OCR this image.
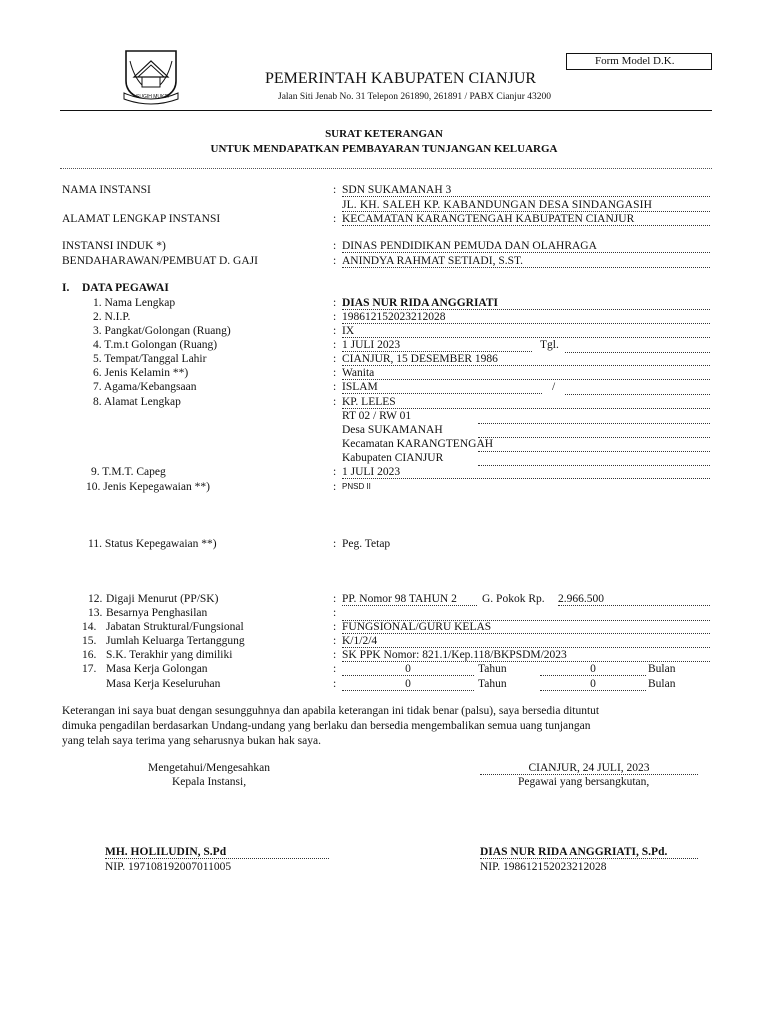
SUGIH MUKTI
Form Model D.K.
PEMERINTAH KABUPATEN CIANJUR
Jalan Siti Jenab No. 31 Telepon 261890, 261891 / PABX Cianjur 43200
SURAT KETERANGAN
UNTUK MENDAPATKAN PEMBAYARAN TUNJANGAN KELUARGA
NAMA INSTANSI	: SDN SUKAMANAH 3
JL. KH. SALEH KP. KABANDUNGAN DESA SINDANGASIH
ALAMAT LENGKAP INSTANSI	: KECAMATAN KARANGTENGAH KABUPATEN CIANJUR
INSTANSI INDUK *)	: DINAS PENDIDIKAN PEMUDA DAN OLAHRAGA
BENDAHARAWAN/PEMBUAT D. GAJI	: ANINDYA RAHMAT SETIADI, S.ST.
I. DATA PEGAWAI
1. Nama Lengkap	: DIAS NUR RIDA ANGGRIATI
2. N.I.P.	: 198612152023212028
3. Pangkat/Golongan (Ruang)	: IX
4. T.m.t Golongan (Ruang)	: 1 JULI 2023	Tgl.
5. Tempat/Tanggal Lahir	: CIANJUR, 15 DESEMBER 1986
6. Jenis Kelamin **)	: Wanita
7. Agama/Kebangsaan	: ISLAM	/
8. Alamat Lengkap	: KP. LELES
RT 02 / RW 01
Desa SUKAMANAH
Kecamatan KARANGTENGAH
Kabupaten CIANJUR
9. T.M.T. Capeg	: 1 JULI 2023
10. Jenis Kepegawaian **)	: PNSD II
11. Status Kepegawaian **)	: Peg. Tetap
12. Digaji Menurut (PP/SK)	: PP. Nomor 98 TAHUN 2	G. Pokok Rp. 2.966.500
13. Besarnya Penghasilan	:
14. Jabatan Struktural/Fungsional	: FUNGSIONAL/GURU KELAS
15. Jumlah Keluarga Tertanggung	: K/1/2/4
16. S.K. Terakhir yang dimiliki	: SK PPK Nomor: 821.1/Kep.118/BKPSDM/2023
17. Masa Kerja Golongan	:	0	Tahun	0	Bulan
Masa Kerja Keseluruhan	:	0	Tahun	0	Bulan
Keterangan ini saya buat dengan sesungguhnya dan apabila keterangan ini tidak benar (palsu), saya bersedia dituntut
dimuka pengadilan berdasarkan Undang-undang yang berlaku dan bersedia mengembalikan semua uang tunjangan
yang telah saya terima yang seharusnya bukan hak saya.
Mengetahui/Mengesahkan
Kepala Instansi,
MH. HOLILUDIN, S.Pd
NIP. 197108192007011005
CIANJUR, 24 JULI, 2023
Pegawai yang bersangkutan,
DIAS NUR RIDA ANGGRIATI, S.Pd.
NIP. 198612152023212028
